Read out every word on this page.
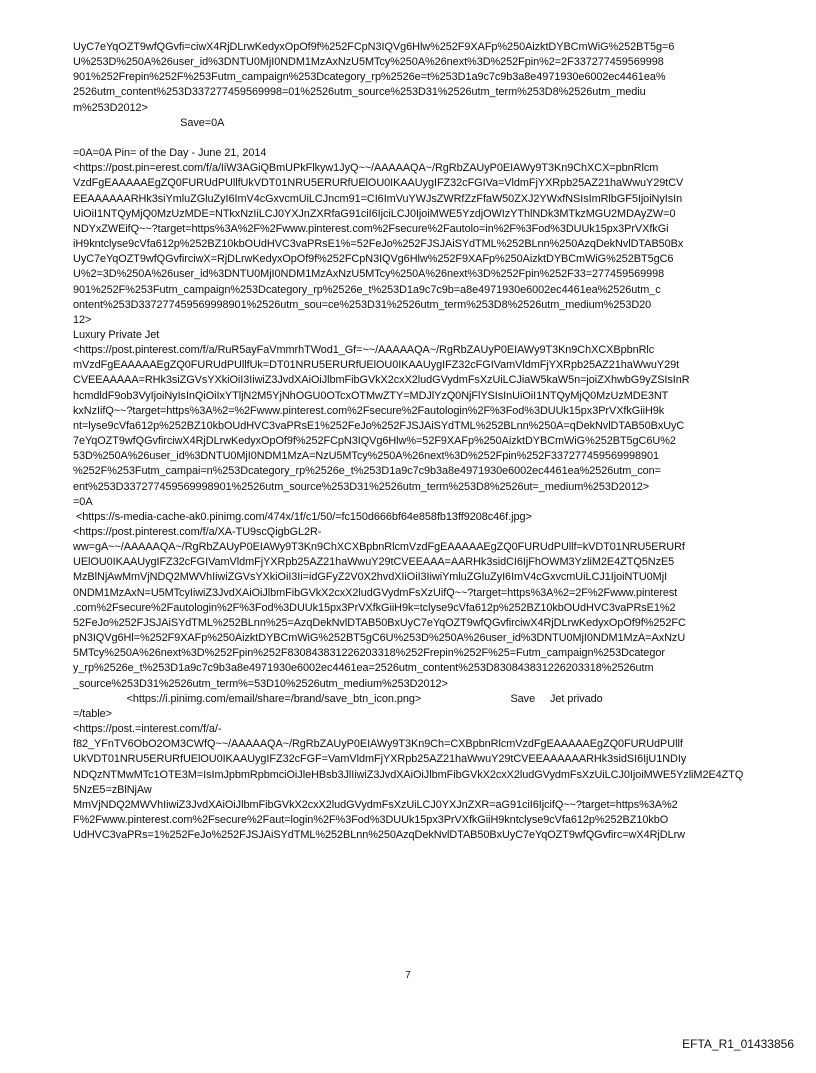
UyC7eYqOZT9wfQGvfi=ciwX4RjDLrwKedyxOpOf9f%252FCpN3IQVg6Hlw%252F9XAFp%250AizktDYBCmWiG%252BT5g=6
U%253D%250A%26user_id%3DNTU0MjI0NDM1MzAxNzU5MTcy%250A%26next%3D%252Fpin%2=2F337277459569998
901%252Frepin%252F%253Futm_campaign%253Dcategory_rp%2526e=t%253D1a9c7c9b3a8e4971930e6002ec4461ea%
2526utm_content%253D337277459569998=01%2526utm_source%253D31%2526utm_term%253D8%2526utm_mediu
m%253D2012>
Save=0A

=0A=0A Pin= of the Day - June 21, 2014
<https://post.pin=erest.com/f/a/IiW3AGiQBmUPkFlkyw1JyQ~~/AAAAAQA~/RgRbZAUyP0EIAWy9T3Kn9ChXCX=pbnRlcm
VzdFgEAAAAAEgZQ0FURUdPUllfUkVDT01NRU5ERURfUElOU0IKAAUygIFZ32cFGIVa=VldmFjYXRpb25AZ21haWwuY29tCV
EEAAAAAARHk3siYmluZGluZyI6ImV4cGxvcmUiLCJncm91=CI6ImVuYWJsZWRfZzFfaW50ZXJ2YWxfNSIsImRlbGF5IjoiNyIsIn
UiOiI1NTQyMjQ0MzUzMDE=NTkxNzIiLCJ0YXJnZXRfaG91ciI6IjciLCJ0IjoiMWE5YzdjOWIzYThlNDk3MTkzMGU2MDAyZW=0
NDYxZWEifQ~~?target=https%3A%2F%2Fwww.pinterest.com%2Fsecure%2Fautolo=in%2F%3Fod%3DUUk15px3PrVXfkGi
iH9kntclyse9cVfa612p%252BZ10kbOUdHVC3vaPRsE1%=52FeJo%252FJSJAiSYdTML%252BLnn%250AzqDekNvlDTAB50Bx
UyC7eYqOZT9wfQGvfirciwX=RjDLrwKedyxOpOf9f%252FCpN3IQVg6Hlw%252F9XAFp%250AizktDYBCmWiG%252BT5gC6
U%2=3D%250A%26user_id%3DNTU0MjI0NDM1MzAxNzU5MTcy%250A%26next%3D%252Fpin%252F33=277459569998
901%252F%253Futm_campaign%253Dcategory_rp%2526e_t%253D1a9c7c9b=a8e4971930e6002ec4461ea%2526utm_c
ontent%253D337277459569998901%2526utm_sou=ce%253D31%2526utm_term%253D8%2526utm_medium%253D20
12>
Luxury Private Jet
<https://post.pinterest.com/f/a/RuR5ayFaVmmrhTWod1_Gf=~~/AAAAAQA~/RgRbZAUyP0EIAWy9T3Kn9ChXCXBpbnRlc
mVzdFgEAAAAAEgZQ0FURUdPUllfUk=DT01NRU5ERURfUElOU0IKAAUygIFZ32cFGIVamVldmFjYXRpb25AZ21haWwuY29t
CVEEAAAAA=RHk3siZGVsYXkiOiI3IiwiZ3JvdXAiOiJlbmFibGVkX2cxX2ludGVydmFsXzUiLCJiaW5kaW5n=joiZXhwbG9yZSIsInR
hcmdldF9ob3VyIjoiNyIsInQiOiIxYTljN2M5YjNhOGU0OTcxOTMwZTY=MDJlYzQ0NjFlYSIsInUiOiI1NTQyMjQ0MzUzMDE3NT
kxNzIifQ~~?target=https%3A%2=%2Fwww.pinterest.com%2Fsecure%2Fautologin%2F%3Fod%3DUUk15px3PrVXfkGiiH9k
nt=lyse9cVfa612p%252BZ10kbOUdHVC3vaPRsE1%252FeJo%252FJSJAiSYdTML%252BLnn%250A=qDekNvlDTAB50BxUyC
7eYqOZT9wfQGvfirciwX4RjDLrwKedyxOpOf9f%252FCpN3IQVg6Hlw%=52F9XAFp%250AizktDYBCmWiG%252BT5gC6U%2
53D%250A%26user_id%3DNTU0MjI0NDM1MzA=NzU5MTcy%250A%26next%3D%252Fpin%252F337277459569998901
%252F%253Futm_campai=n%253Dcategory_rp%2526e_t%253D1a9c7c9b3a8e4971930e6002ec4461ea%2526utm_con=
ent%253D337277459569998901%2526utm_source%253D31%2526utm_term%253D8%2526ut=_medium%253D2012>
=0A
<https://s-media-cache-ak0.pinimg.com/474x/1f/c1/50/=fc150d666bf64e858fb13ff9208c46f.jpg>
<https://post.pinterest.com/f/a/XA-TU9scQigbGL2R-
ww=gA~~/AAAAAQA~/RgRbZAUyP0EIAWy9T3Kn9ChXCXBpbnRlcmVzdFgEAAAAAEgZQ0FURUdPUllf=kVDT01NRU5ERURf
UElOU0IKAAUygIFZ32cFGIVamVldmFjYXRpb25AZ21haWwuY29tCVEEAAA=AARHk3sidCI6IjFhOWM3YzliM2E4ZTQ5NzE5
MzBlNjAwMmVjNDQ2MWVhIiwiZGVsYXkiOiI3Ii=idGFyZ2V0X2hvdXIiOiI3IiwiYmluZGluZyI6ImV4cGxvcmUiLCJ1IjoiNTU0MjI
0NDM1MzAxN=U5MTcyIiwiZ3JvdXAiOiJlbmFibGVkX2cxX2ludGVydmFsXzUifQ~~?target=https%3A%2=2F%2Fwww.pinterest
.com%2Fsecure%2Fautologin%2F%3Fod%3DUUk15px3PrVXfkGiiH9k=tclyse9cVfa612p%252BZ10kbOUdHVC3vaPRsE1%2
52FeJo%252FJSJAiSYdTML%252BLnn%25=AzqDekNvlDTAB50BxUyC7eYqOZT9wfQGvfirciwX4RjDLrwKedyxOpOf9f%252FC
pN3IQVg6Hl=%252F9XAFp%250AizktDYBCmWiG%252BT5gC6U%253D%250A%26user_id%3DNTU0MjI0NDM1MzA=AxNzU
5MTcy%250A%26next%3D%252Fpin%252F830843831226203318%252Frepin%252F%25=Futm_campaign%253Dcategor
y_rp%2526e_t%253D1a9c7c9b3a8e4971930e6002ec4461ea=2526utm_content%253D830843831226203318%2526utm
_source%253D31%2526utm_term%=53D10%2526utm_medium%253D2012>
<https://i.pinimg.com/email/share=/brand/save_btn_icon.png>                              Save     Jet privado
=/table>
<https://post.=interest.com/f/a/-
f82_YFnTV6ObO2OM3CWfQ~~/AAAAAQA~/RgRbZAUyP0EIAWy9T3Kn9Ch=CXBpbnRlcmVzdFgEAAAAAEgZQ0FURUdPUllf
UkVDT01NRU5ERURfUElOU0IKAAUygIFZ32cFGF=VamVldmFjYXRpb25AZ21haWwuY29tCVEEAAAAAARHk3sidSI6IjU1NDIy
NDQzNTMwMTc1OTE3M=IsImJpbmRpbmciOiJleHBsb3JlIiwiZ3JvdXAiOiJlbmFibGVkX2cxX2ludGVydmFsXzUiLCJ0IjoiMWE5YzliM2E4ZTQ5NzE5=zBlNjAw
MmVjNDQ2MWVhIiwiZ3JvdXAiOiJlbmFibGVkX2cxX2ludGVydmFsXzUiLCJ0YXJnZXR=aG91ciI6IjcifQ~~?target=https%3A%2
F%2Fwww.pinterest.com%2Fsecure%2Faut=login%2F%3Fod%3DUUk15px3PrVXfkGiiH9kntclyse9cVfa612p%252BZ10kbO
UdHVC3vaPRs=1%252FeJo%252FJSJAiSYdTML%252BLnn%250AzqDekNvlDTAB50BxUyC7eYqOZT9wfQGvfirc=wX4RjDLrw
7
EFTA_R1_01433856
